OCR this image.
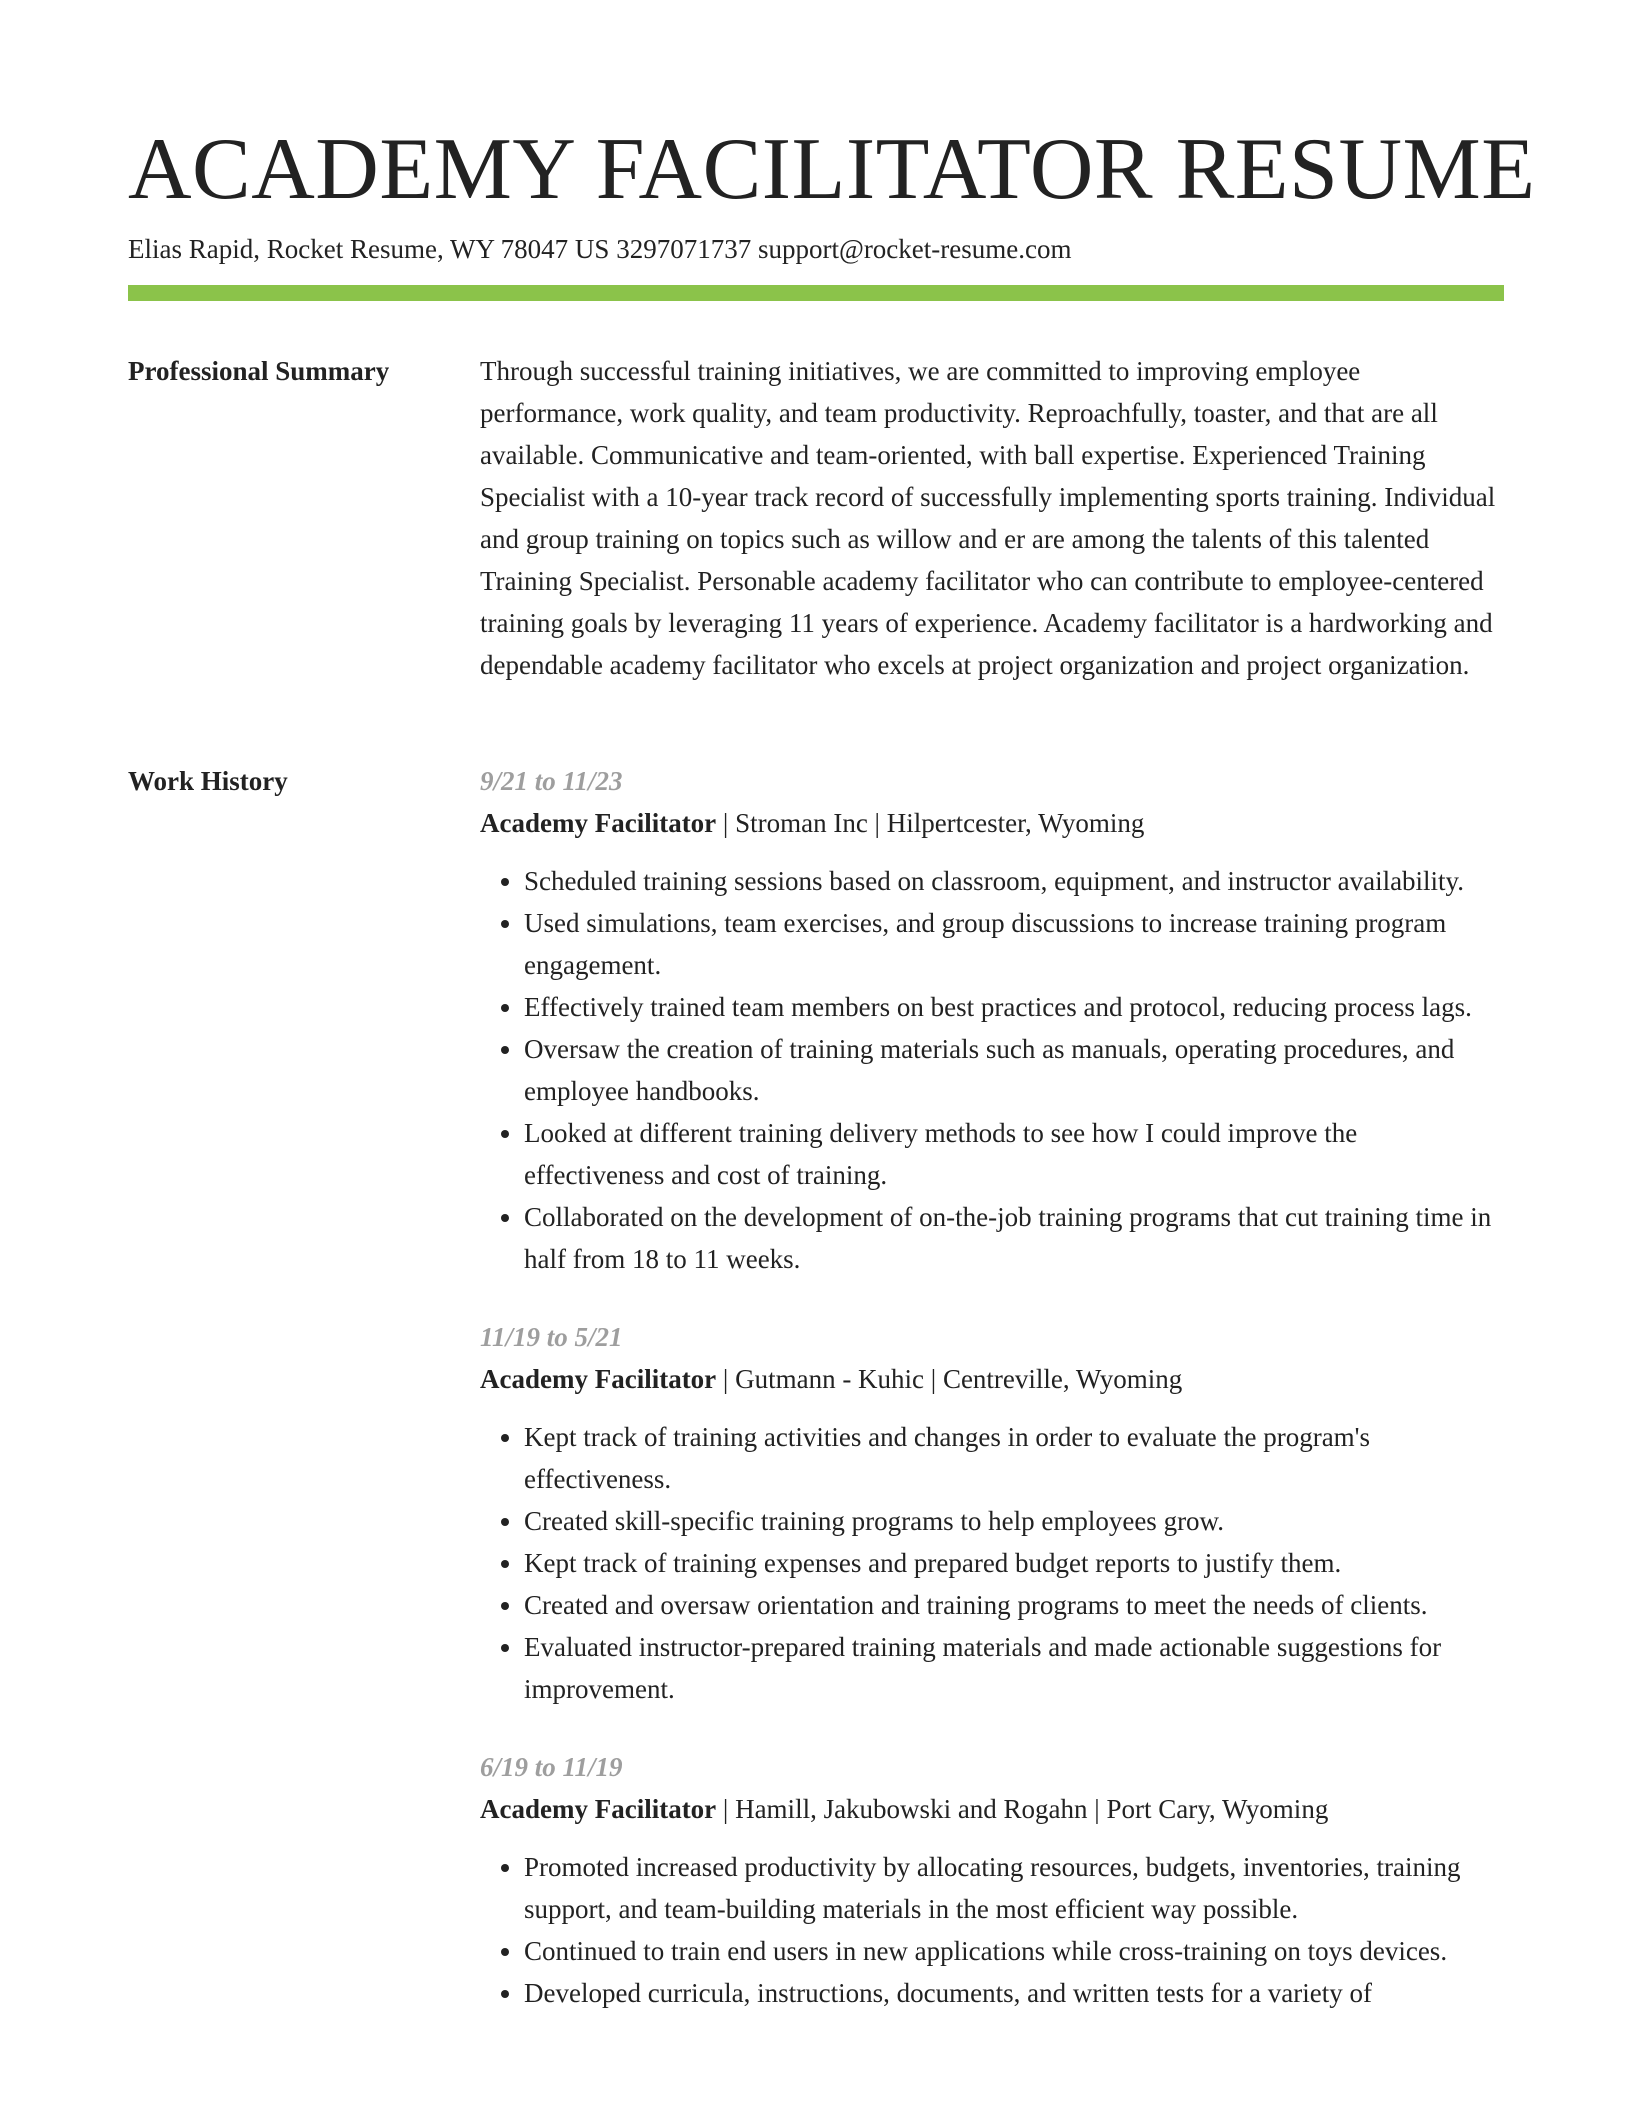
ACADEMY FACILITATOR RESUME
Elias Rapid, Rocket Resume, WY 78047 US 3297071737 support@rocket-resume.com
Professional Summary	Through successful training initiatives, we are committed to improving employee performance, work quality, and team productivity. Reproachfully, toaster, and that are all available. Communicative and team-oriented, with ball expertise. Experienced Training Specialist with a 10-year track record of successfully implementing sports training. Individual and group training on topics such as willow and er are among the talents of this talented Training Specialist. Personable academy facilitator who can contribute to employee-centered training goals by leveraging 11 years of experience. Academy facilitator is a hardworking and dependable academy facilitator who excels at project organization and project organization.

Work History	9/21 to 11/23
Academy Facilitator | Stroman Inc | Hilpertcester, Wyoming
• Scheduled training sessions based on classroom, equipment, and instructor availability.
• Used simulations, team exercises, and group discussions to increase training program engagement.
• Effectively trained team members on best practices and protocol, reducing process lags.
• Oversaw the creation of training materials such as manuals, operating procedures, and employee handbooks.
• Looked at different training delivery methods to see how I could improve the effectiveness and cost of training.
• Collaborated on the development of on-the-job training programs that cut training time in half from 18 to 11 weeks.
11/19 to 5/21
Academy Facilitator | Gutmann - Kuhic | Centreville, Wyoming
• Kept track of training activities and changes in order to evaluate the program's effectiveness.
• Created skill-specific training programs to help employees grow.
• Kept track of training expenses and prepared budget reports to justify them.
• Created and oversaw orientation and training programs to meet the needs of clients.
• Evaluated instructor-prepared training materials and made actionable suggestions for improvement.
6/19 to 11/19
Academy Facilitator | Hamill, Jakubowski and Rogahn | Port Cary, Wyoming
• Promoted increased productivity by allocating resources, budgets, inventories, training support, and team-building materials in the most efficient way possible.
• Continued to train end users in new applications while cross-training on toys devices.
• Developed curricula, instructions, documents, and written tests for a variety of
